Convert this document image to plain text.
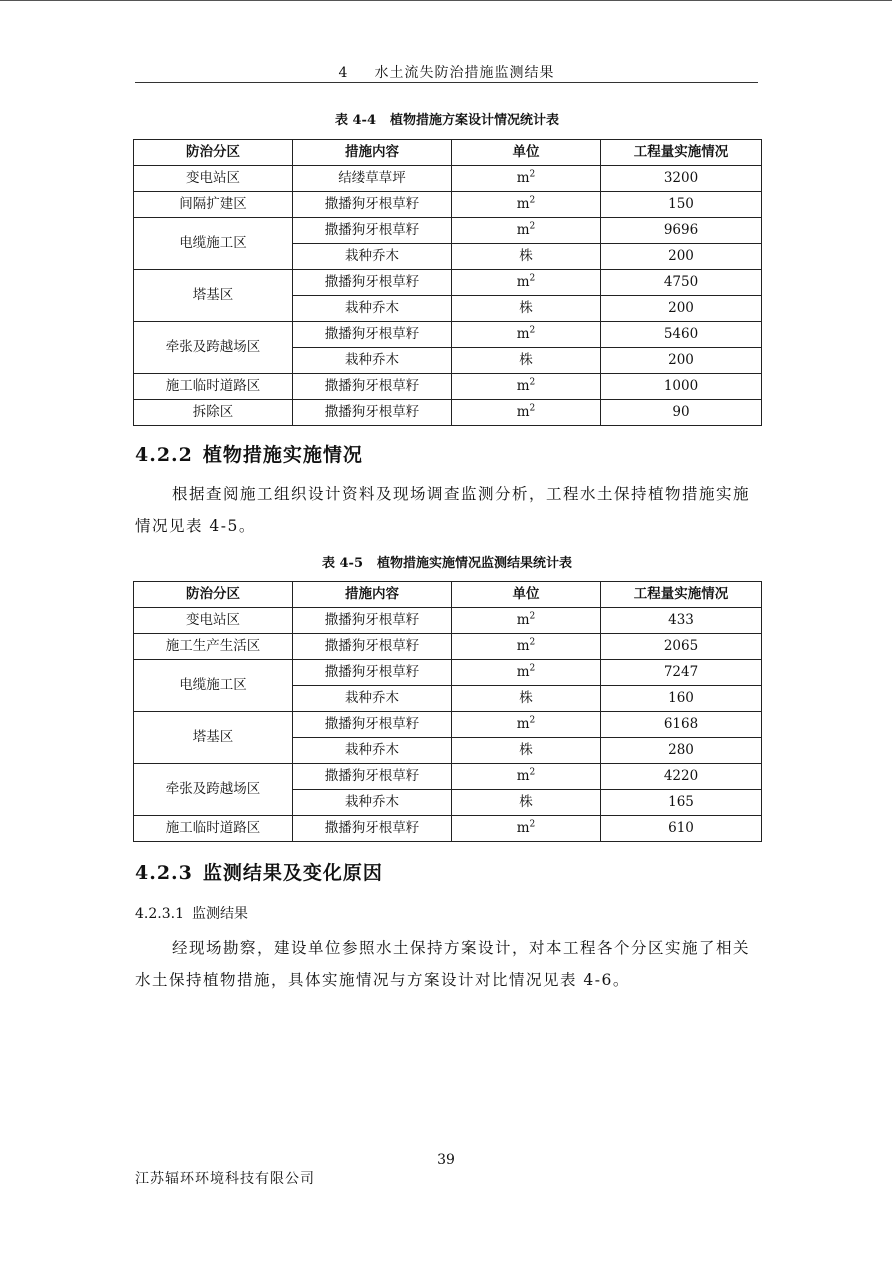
4 水土流失防治措施监测结果
表 4-4 植物措施方案设计情况统计表
防治分区	措施内容	单位	工程量实施情况
变电站区	结缕草草坪	$m^2$	3200
间隔扩建区	撒播狗牙根草籽	$m^2$	150
电缆施工区	撒播狗牙根草籽	$m^2$	9696
	栽种乔木	株	200
塔基区	撒播狗牙根草籽	$m^2$	4750
	栽种乔木	株	200
牵张及跨越场区	撒播狗牙根草籽	$m^2$	5460
	栽种乔木	株	200
施工临时道路区	撒播狗牙根草籽	$m^2$	1000
拆除区	撒播狗牙根草籽	$m^2$	90
4.2.2 植物措施实施情况
根据查阅施工组织设计资料及现场调查监测分析，工程水土保持植物措施实施情况见表 4-5。
表 4-5 植物措施实施情况监测结果统计表
防治分区	措施内容	单位	工程量实施情况
变电站区	撒播狗牙根草籽	$m^2$	433
施工生产生活区	撒播狗牙根草籽	$m^2$	2065
电缆施工区	撒播狗牙根草籽	$m^2$	7247
	栽种乔木	株	160
塔基区	撒播狗牙根草籽	$m^2$	6168
	栽种乔木	株	280
牵张及跨越场区	撒播狗牙根草籽	$m^2$	4220
	栽种乔木	株	165
施工临时道路区	撒播狗牙根草籽	$m^2$	610
4.2.3 监测结果及变化原因
4.2.3.1 监测结果
经现场勘察，建设单位参照水土保持方案设计，对本工程各个分区实施了相关水土保持植物措施，具体实施情况与方案设计对比情况见表 4-6。
39
江苏辐环环境科技有限公司
